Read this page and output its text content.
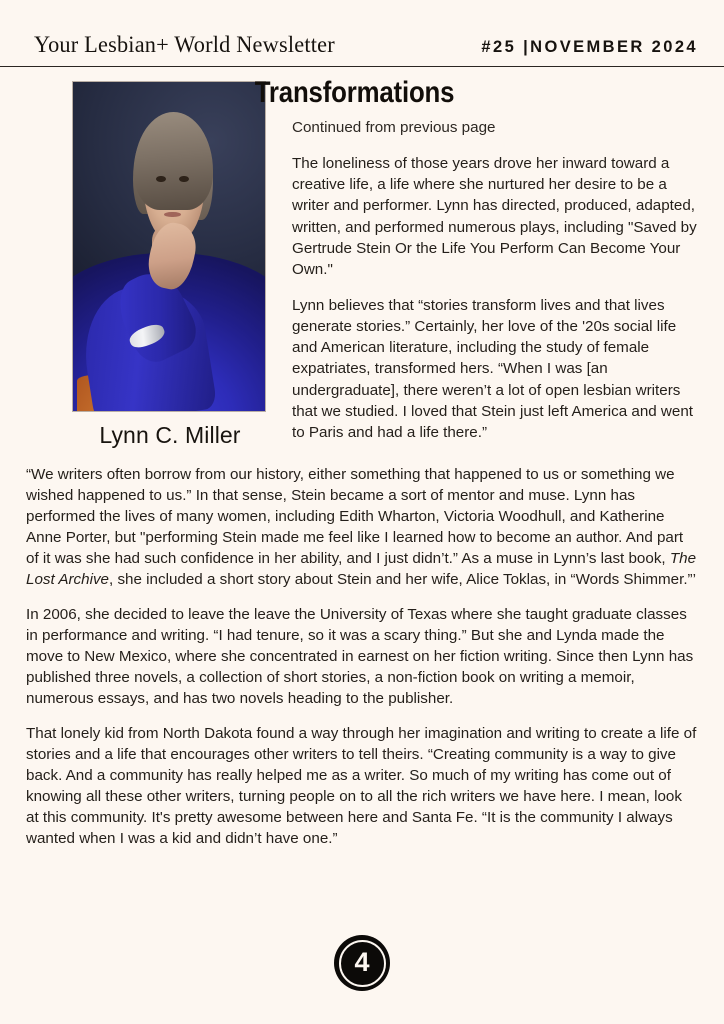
Your Lesbian+ World Newsletter	#25 |NOVEMBER 2024
Lynn C. Miller
Transformations
Continued from previous page

The loneliness of those years drove her inward toward a creative life, a life where she nurtured her desire to be a writer and performer. Lynn has directed, produced, adapted, written, and performed numerous plays, including "Saved by Gertrude Stein Or the Life You Perform Can Become Your Own."

Lynn believes that “stories transform lives and that lives generate stories.” Certainly, her love of the '20s social life and American literature, including the study of female expatriates, transformed hers. “When I was [an undergraduate], there weren’t a lot of open lesbian writers that we studied. I loved that Stein just left America and went to Paris and had a life there.”

“We writers often borrow from our history, either something that happened to us or something we wished happened to us.” In that sense, Stein became a sort of mentor and muse. Lynn has performed the lives of many women, including Edith Wharton, Victoria Woodhull, and Katherine Anne Porter, but "performing Stein made me feel like I learned how to become an author. And part of it was she had such confidence in her ability, and I just didn’t.” As a muse in Lynn’s last book, The Lost Archive, she included a short story about Stein and her wife, Alice Toklas, in “Words Shimmer.”’

In 2006, she decided to leave the leave the University of Texas where she taught graduate classes in performance and writing. “I had tenure, so it was a scary thing.” But she and Lynda made the move to New Mexico, where she concentrated in earnest on her fiction writing. Since then Lynn has published three novels, a collection of short stories, a non-fiction book on writing a memoir, numerous essays, and has two novels heading to the publisher.

That lonely kid from North Dakota found a way through her imagination and writing to create a life of stories and a life that encourages other writers to tell theirs. “Creating community is a way to give back. And a community has really helped me as a writer. So much of my writing has come out of knowing all these other writers, turning people on to all the rich writers we have here. I mean, look at this community. It's pretty awesome between here and Santa Fe. “It is the community I always wanted when I was a kid and didn’t have one.”

4
